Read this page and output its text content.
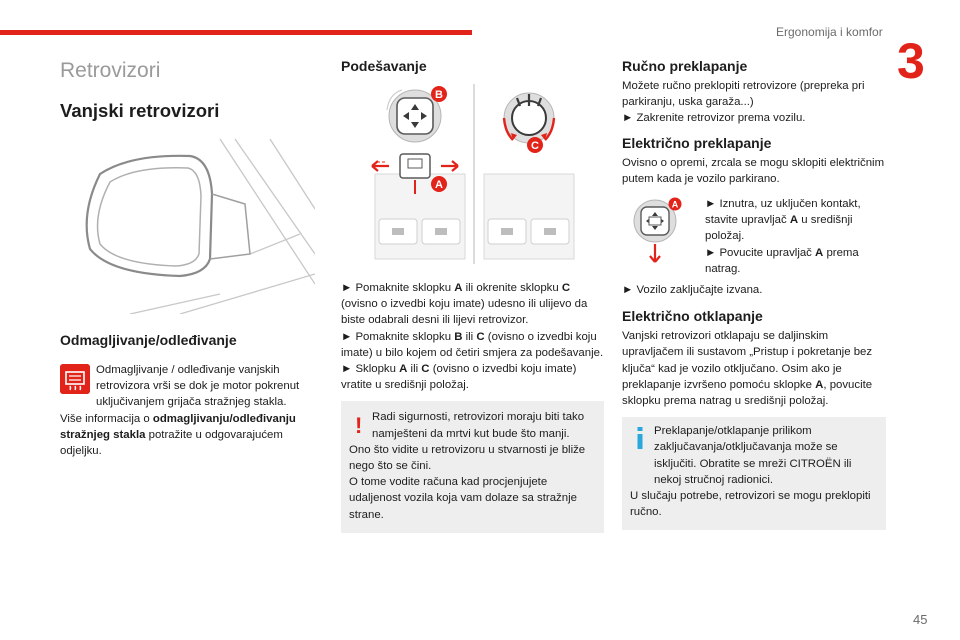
Ergonomija i komfor
3
45
Retrovizori
Vanjski retrovizori
Odmagljivanje/odleđivanje

Odmagljivanje / odleđivanje vanjskih retrovizora vrši se dok je motor pokrenut uključivanjem grijača stražnjeg stakla.

Više informacija o odmagljivanju/odleđivanju stražnjeg stakla potražite u odgovarajućem odjeljku.

Podešavanje
B
A
C

► Pomaknite sklopku A ili okrenite sklopku C (ovisno o izvedbi koju imate) udesno ili ulijevo da biste odabrali desni ili lijevi retrovizor.

► Pomaknite sklopku B ili C (ovisno o izvedbi koju imate) u bilo kojem od četiri smjera za podešavanje.

► Sklopku A ili C (ovisno o izvedbi koju imate) vratite u središnji položaj.

! Radi sigurnosti, retrovizori moraju biti tako namješteni da mrtvi kut bude što manji.

Ono što vidite u retrovizoru u stvarnosti je bliže nego što se čini.

O tome vodite računa kad procjenjujete udaljenost vozila koja vam dolaze sa stražnje strane.

Ručno preklapanje

Možete ručno preklopiti retrovizore (prepreka pri parkiranju, uska garaža...)

► Zakrenite retrovizor prema vozilu.

Električno preklapanje

Ovisno o opremi, zrcala se mogu sklopiti električnim putem kada je vozilo parkirano.

A ► Iznutra, uz uključen kontakt, stavite upravljač A u središnji položaj.

► Povucite upravljač A prema natrag.

► Vozilo zaključajte izvana.

Električno otklapanje

Vanjski retrovizori otklapaju se daljinskim upravljačem ili sustavom „Pristup i pokretanje bez ključa“ kad je vozilo otključano. Osim ako je preklapanje izvršeno pomoću sklopke A, povucite sklopku prema natrag u središnji položaj.

Preklapanje/otklapanje prilikom zaključavanja/otključavanja može se isključiti. Obratite se mreži CITROËN ili nekoj stručnoj radionici.

U slučaju potrebe, retrovizori se mogu preklopiti ručno.
